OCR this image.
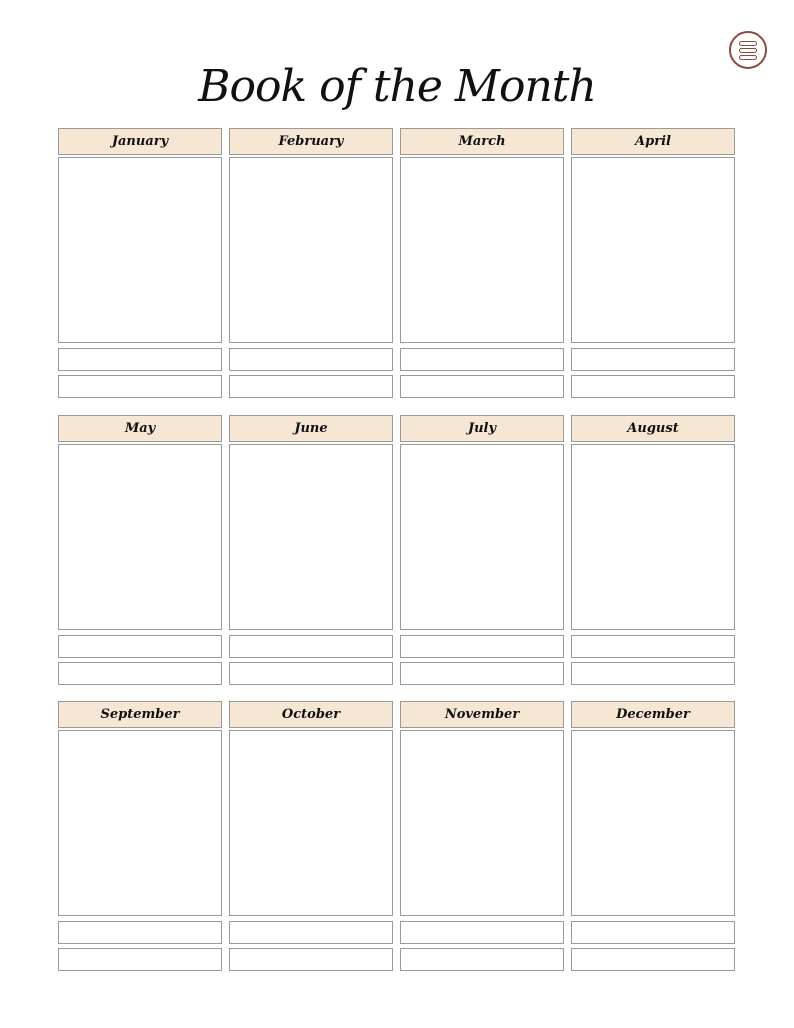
Book of the Month
January	February	March	April
May	June	July	August
September	October	November	December
